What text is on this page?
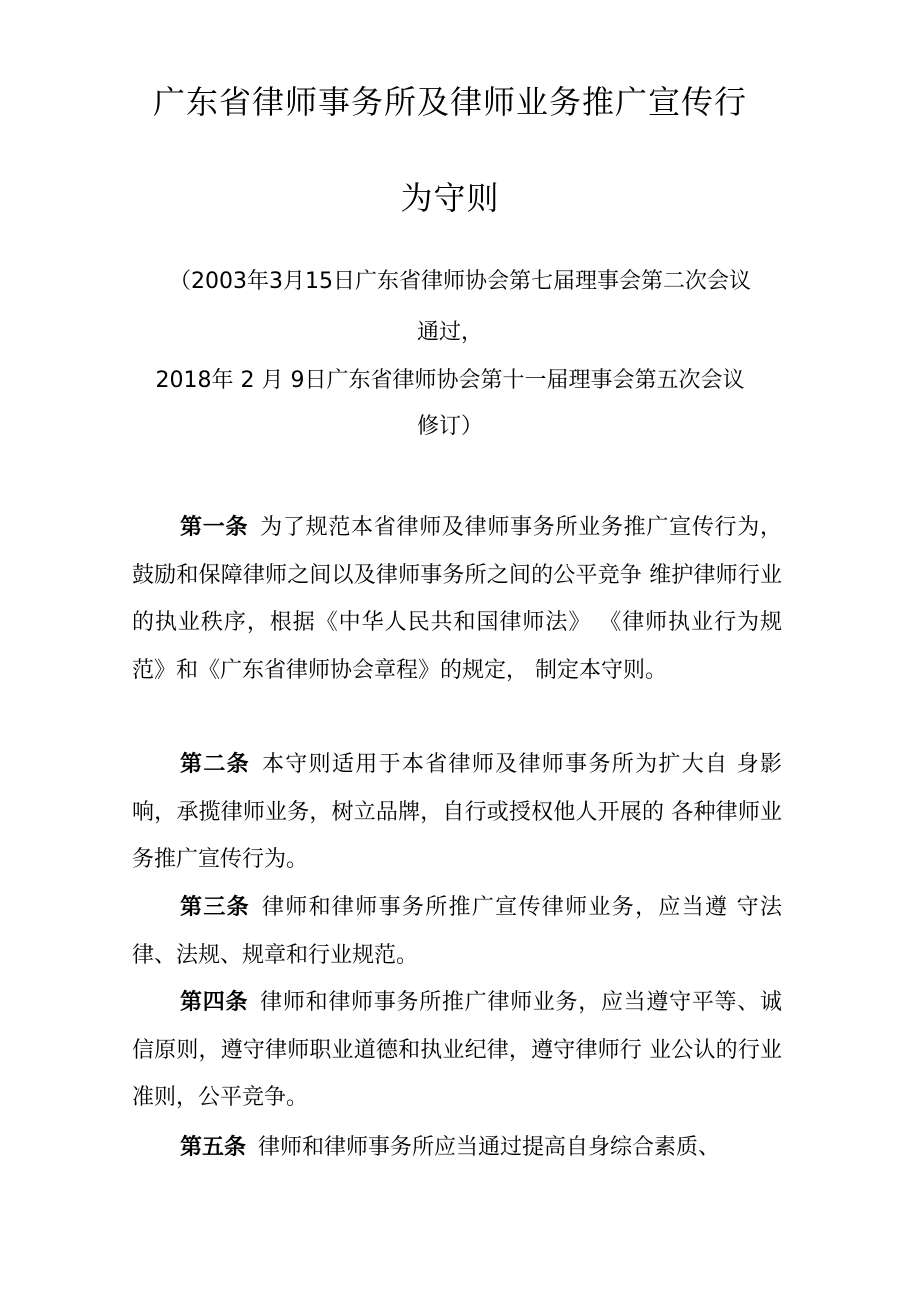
广东省律师事务所及律师业务推广宣传行
为守则

（2003年3月15日广东省律师协会第七届理事会第二次会议

通过，

2018年 2 月 9日广东省律师协会第十一届理事会第五次会议

修订）

第一条 为了规范本省律师及律师事务所业务推广宣传行为，鼓励和保障律师之间以及律师事务所之间的公平竞争 维护律师行业的执业秩序，根据《中华人民共和国律师法》 《律师执业行为规范》和《广东省律师协会章程》的规定， 制定本守则。

第二条 本守则适用于本省律师及律师事务所为扩大自 身影响，承揽律师业务，树立品牌，自行或授权他人开展的 各种律师业务推广宣传行为。

第三条 律师和律师事务所推广宣传律师业务，应当遵 守法律、法规、规章和行业规范。

第四条 律师和律师事务所推广律师业务，应当遵守平等、诚信原则，遵守律师职业道德和执业纪律，遵守律师行 业公认的行业准则，公平竞争。

第五条 律师和律师事务所应当通过提高自身综合素质、
